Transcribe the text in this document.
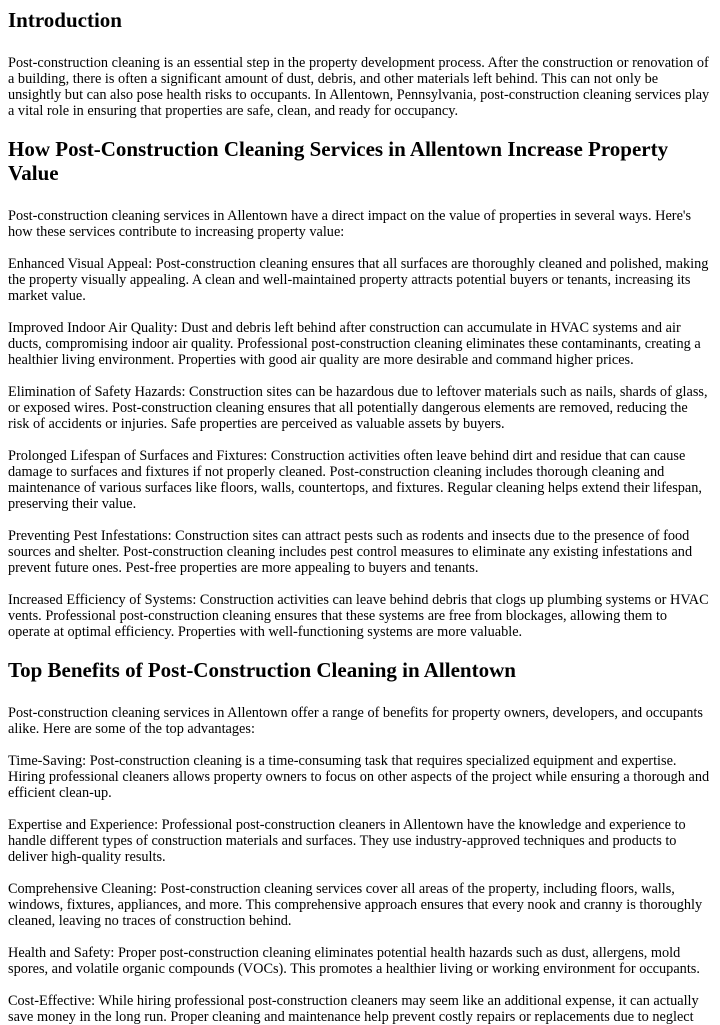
Introduction

Post-construction cleaning is an essential step in the property development process. After the construction or renovation of a building, there is often a significant amount of dust, debris, and other materials left behind. This can not only be unsightly but can also pose health risks to occupants. In Allentown, Pennsylvania, post-construction cleaning services play a vital role in ensuring that properties are safe, clean, and ready for occupancy.

How Post-Construction Cleaning Services in Allentown Increase Property Value

Post-construction cleaning services in Allentown have a direct impact on the value of properties in several ways. Here's how these services contribute to increasing property value:

Enhanced Visual Appeal: Post-construction cleaning ensures that all surfaces are thoroughly cleaned and polished, making the property visually appealing. A clean and well-maintained property attracts potential buyers or tenants, increasing its market value.

Improved Indoor Air Quality: Dust and debris left behind after construction can accumulate in HVAC systems and air ducts, compromising indoor air quality. Professional post-construction cleaning eliminates these contaminants, creating a healthier living environment. Properties with good air quality are more desirable and command higher prices.

Elimination of Safety Hazards: Construction sites can be hazardous due to leftover materials such as nails, shards of glass, or exposed wires. Post-construction cleaning ensures that all potentially dangerous elements are removed, reducing the risk of accidents or injuries. Safe properties are perceived as valuable assets by buyers.

Prolonged Lifespan of Surfaces and Fixtures: Construction activities often leave behind dirt and residue that can cause damage to surfaces and fixtures if not properly cleaned. Post-construction cleaning includes thorough cleaning and maintenance of various surfaces like floors, walls, countertops, and fixtures. Regular cleaning helps extend their lifespan, preserving their value.

Preventing Pest Infestations: Construction sites can attract pests such as rodents and insects due to the presence of food sources and shelter. Post-construction cleaning includes pest control measures to eliminate any existing infestations and prevent future ones. Pest-free properties are more appealing to buyers and tenants.

Increased Efficiency of Systems: Construction activities can leave behind debris that clogs up plumbing systems or HVAC vents. Professional post-construction cleaning ensures that these systems are free from blockages, allowing them to operate at optimal efficiency. Properties with well-functioning systems are more valuable.

Top Benefits of Post-Construction Cleaning in Allentown

Post-construction cleaning services in Allentown offer a range of benefits for property owners, developers, and occupants alike. Here are some of the top advantages:

Time-Saving: Post-construction cleaning is a time-consuming task that requires specialized equipment and expertise. Hiring professional cleaners allows property owners to focus on other aspects of the project while ensuring a thorough and efficient clean-up.

Expertise and Experience: Professional post-construction cleaners in Allentown have the knowledge and experience to handle different types of construction materials and surfaces. They use industry-approved techniques and products to deliver high-quality results.

Comprehensive Cleaning: Post-construction cleaning services cover all areas of the property, including floors, walls, windows, fixtures, appliances, and more. This comprehensive approach ensures that every nook and cranny is thoroughly cleaned, leaving no traces of construction behind.

Health and Safety: Proper post-construction cleaning eliminates potential health hazards such as dust, allergens, mold spores, and volatile organic compounds (VOCs). This promotes a healthier living or working environment for occupants.

Cost-Effective: While hiring professional post-construction cleaners may seem like an additional expense, it can actually save money in the long run. Proper cleaning and maintenance help prevent costly repairs or replacements due to neglect
